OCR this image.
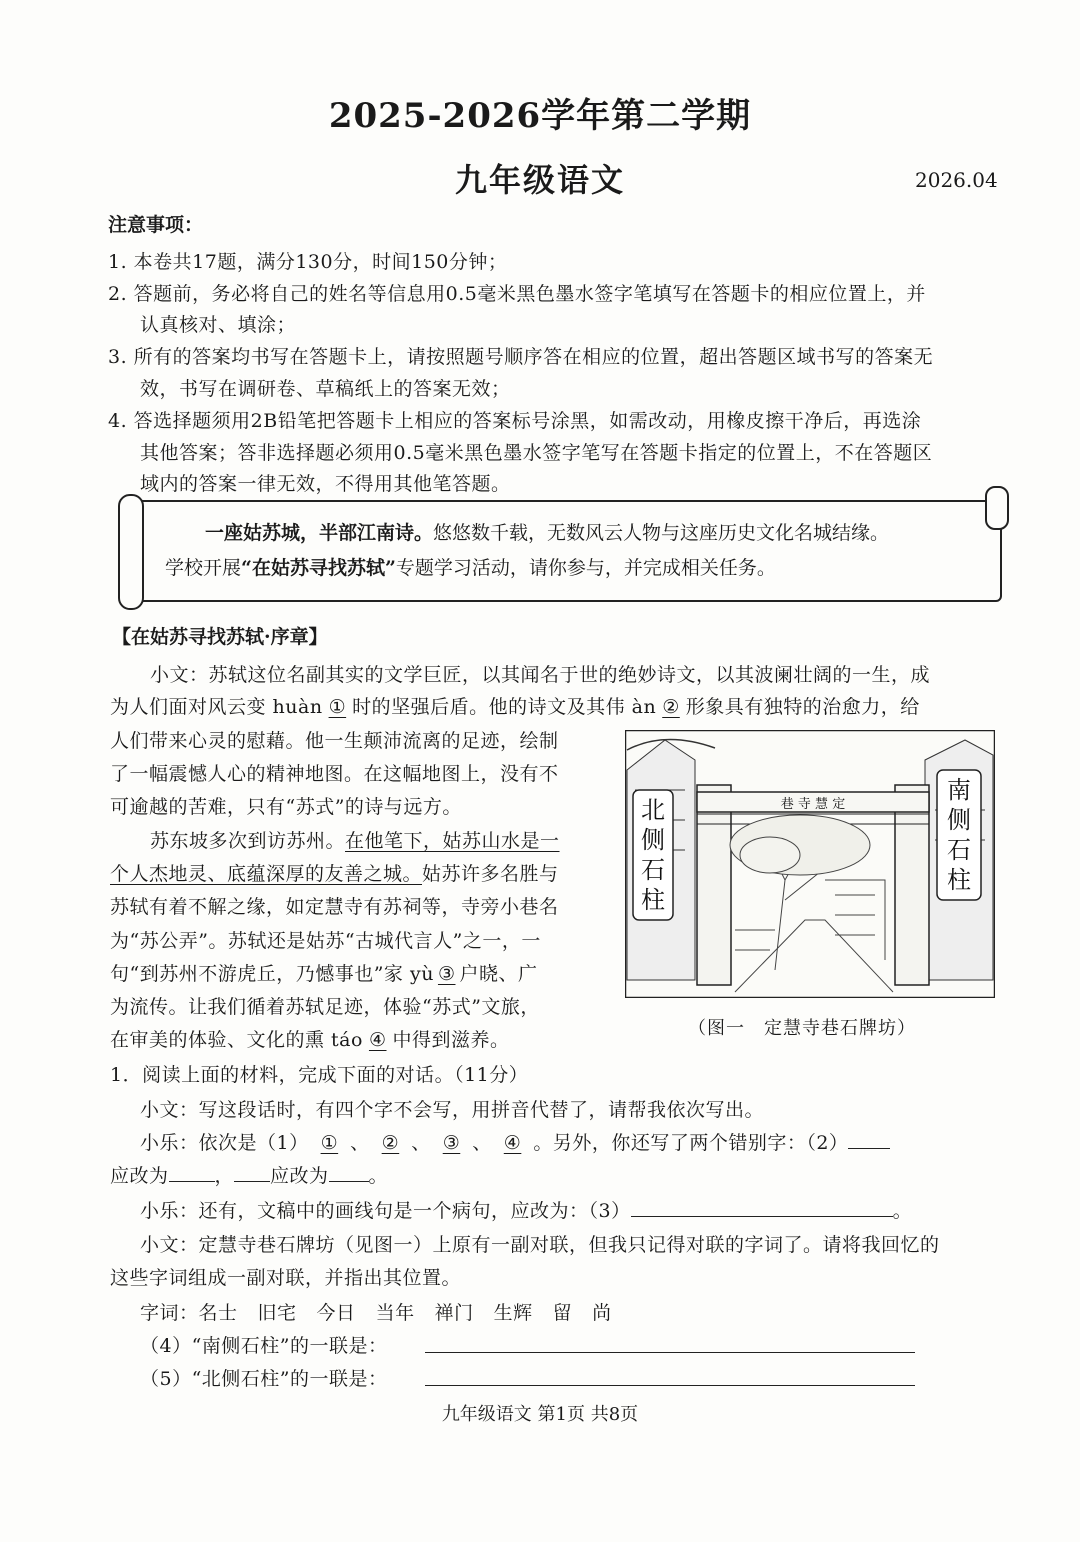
2025-2026学年第二学期
九年级语文	2026.04
注意事项：
1. 本卷共17题，满分130分，时间150分钟；
2. 答题前，务必将自己的姓名等信息用0.5毫米黑色墨水签字笔填写在答题卡的相应位置上，并
认真核对、填涂；
3. 所有的答案均书写在答题卡上，请按照题号顺序答在相应的位置，超出答题区域书写的答案无
效，书写在调研卷、草稿纸上的答案无效；
4. 答选择题须用2B铅笔把答题卡上相应的答案标号涂黑，如需改动，用橡皮擦干净后，再选涂
其他答案；答非选择题必须用0.5毫米黑色墨水签字笔写在答题卡指定的位置上，不在答题区
域内的答案一律无效，不得用其他笔答题。
一座姑苏城，半部江南诗。悠悠数千载，无数风云人物与这座历史文化名城结缘。
学校开展“在姑苏寻找苏轼”专题学习活动，请你参与，并完成相关任务。
【在姑苏寻找苏轼·序章】
小文：苏轼这位名副其实的文学巨匠，以其闻名于世的绝妙诗文，以其波阑壮阔的一生，成
为人们面对风云变 huàn ① 时的坚强后盾。他的诗文及其伟 àn ② 形象具有独特的治愈力，给
人们带来心灵的慰藉。他一生颠沛流离的足迹，绘制
了一幅震憾人心的精神地图。在这幅地图上，没有不
可逾越的苦难，只有“苏式”的诗与远方。
苏东坡多次到访苏州。在他笔下，姑苏山水是一
个人杰地灵、底蕴深厚的友善之城。姑苏许多名胜与
苏轼有着不解之缘，如定慧寺有苏祠等，寺旁小巷名
为“苏公弄”。苏轼还是姑苏“古城代言人”之一，一
句“到苏州不游虎丘，乃憾事也”家 yù ③ 户晓、广
为流传。让我们循着苏轼足迹，体验“苏式”文旅，
在审美的体验、文化的熏 táo ④ 中得到滋养。
巷 寺 慧 定
北
侧
石
柱
南
侧
石
柱
（图一　定慧寺巷石牌坊）
1．阅读上面的材料，完成下面的对话。（11分）
小文：写这段话时，有四个字不会写，用拼音代替了，请帮我依次写出。
小乐：依次是（1） ① 、 ② 、 ③ 、 ④ 。另外，你还写了两个错别字：（2）
应改为 ， 应改为 。
小乐：还有，文稿中的画线句是一个病句，应改为：（3）	。
小文：定慧寺巷石牌坊（见图一）上原有一副对联，但我只记得对联的字词了。请将我回忆的
这些字词组成一副对联，并指出其位置。
字词：名士 旧宅 今日 当年 禅门 生辉 留 尚
（4）“南侧石柱”的一联是：
（5）“北侧石柱”的一联是：
九年级语文 第1页 共8页
